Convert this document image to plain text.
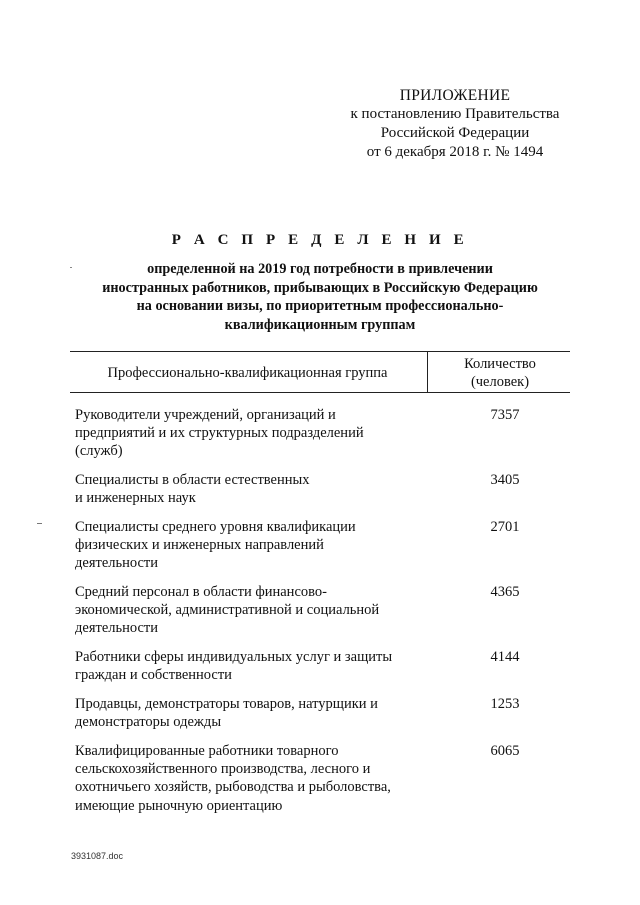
ПРИЛОЖЕНИЕ
к постановлению Правительства
Российской Федерации
от 6 декабря 2018 г. № 1494
Р А С П Р Е Д Е Л Е Н И Е
определенной на 2019 год потребности в привлечении
иностранных работников, прибывающих в Российскую Федерацию
на основании визы, по приоритетным профессионально-
квалификационным группам
Профессионально-квалификационная группа
Количество
(человек)
Руководители учреждений, организаций и
предприятий и их структурных подразделений
(служб)
7357
Специалисты в области естественных
и инженерных наук
3405
Специалисты среднего уровня квалификации
физических и инженерных направлений
деятельности
2701
Средний персонал в области финансово-
экономической, административной и социальной
деятельности
4365
Работники сферы индивидуальных услуг и защиты
граждан и собственности
4144
Продавцы, демонстраторы товаров, натурщики и
демонстраторы одежды
1253
Квалифицированные работники товарного
сельскохозяйственного производства, лесного и
охотничьего хозяйств, рыбоводства и рыболовства,
имеющие рыночную ориентацию
6065
3931087.doc
